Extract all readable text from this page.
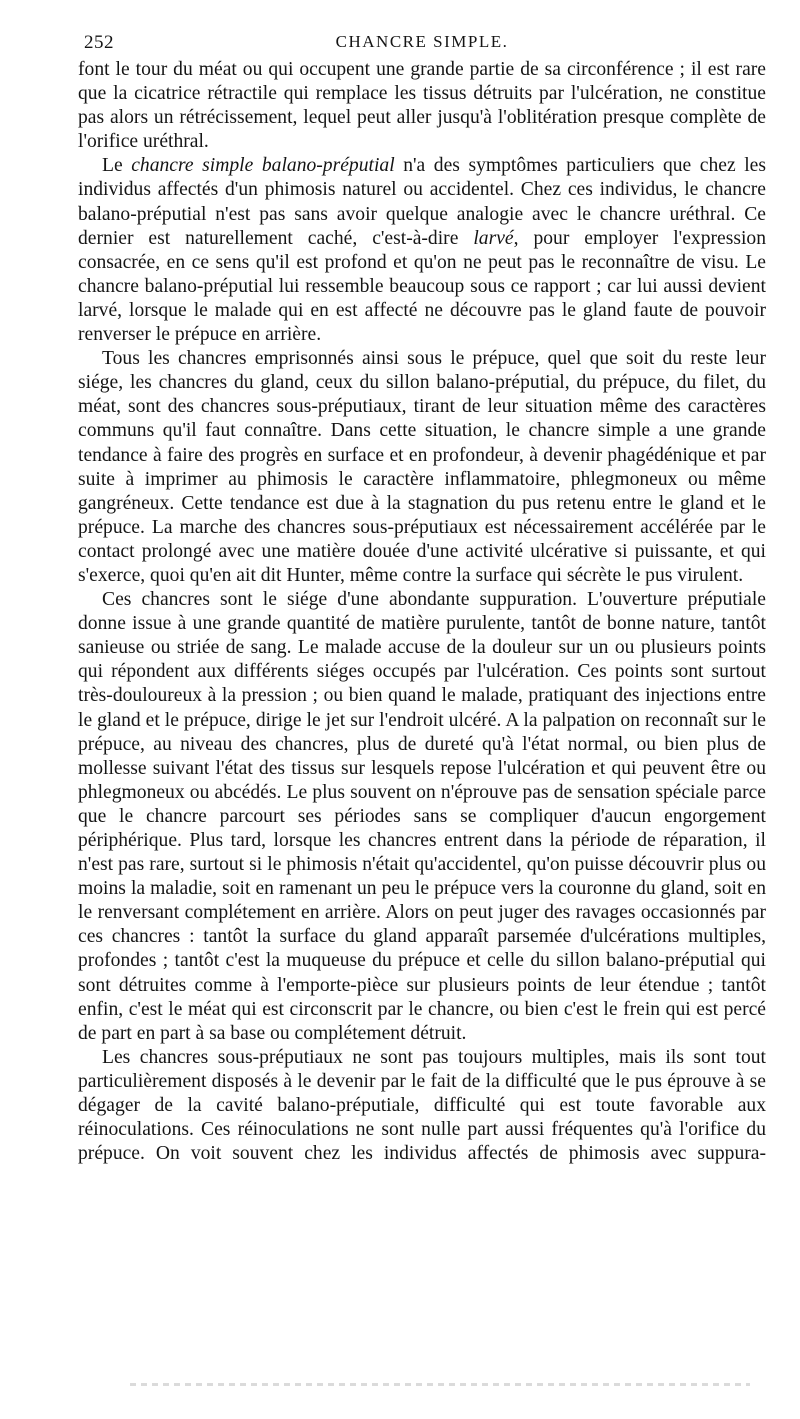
252	CHANCRE SIMPLE.

font le tour du méat ou qui occupent une grande partie de sa circonférence ; il est rare que la cicatrice rétractile qui remplace les tissus détruits par l'ulcération, ne constitue pas alors un rétrécissement, lequel peut aller jusqu'à l'oblitération presque complète de l'orifice uréthral.

Le chancre simple balano-préputial n'a des symptômes particuliers que chez les individus affectés d'un phimosis naturel ou accidentel. Chez ces individus, le chancre balano-préputial n'est pas sans avoir quelque analogie avec le chancre uréthral. Ce dernier est naturellement caché, c'est-à-dire larvé, pour employer l'expression consacrée, en ce sens qu'il est profond et qu'on ne peut pas le reconnaître de visu. Le chancre balano-préputial lui ressemble beaucoup sous ce rapport ; car lui aussi devient larvé, lorsque le malade qui en est affecté ne découvre pas le gland faute de pouvoir renverser le prépuce en arrière.

Tous les chancres emprisonnés ainsi sous le prépuce, quel que soit du reste leur siége, les chancres du gland, ceux du sillon balano-préputial, du prépuce, du filet, du méat, sont des chancres sous-préputiaux, tirant de leur situation même des caractères communs qu'il faut connaître. Dans cette situation, le chancre simple a une grande tendance à faire des progrès en surface et en profondeur, à devenir phagédénique et par suite à imprimer au phimosis le caractère inflammatoire, phlegmoneux ou même gangréneux. Cette tendance est due à la stagnation du pus retenu entre le gland et le prépuce. La marche des chancres sous-préputiaux est nécessairement accélérée par le contact prolongé avec une matière douée d'une activité ulcérative si puissante, et qui s'exerce, quoi qu'en ait dit Hunter, même contre la surface qui sécrète le pus virulent.

Ces chancres sont le siége d'une abondante suppuration. L'ouverture préputiale donne issue à une grande quantité de matière purulente, tantôt de bonne nature, tantôt sanieuse ou striée de sang. Le malade accuse de la douleur sur un ou plusieurs points qui répondent aux différents siéges occupés par l'ulcération. Ces points sont surtout très-douloureux à la pression ; ou bien quand le malade, pratiquant des injections entre le gland et le prépuce, dirige le jet sur l'endroit ulcéré. A la palpation on reconnaît sur le prépuce, au niveau des chancres, plus de dureté qu'à l'état normal, ou bien plus de mollesse suivant l'état des tissus sur lesquels repose l'ulcération et qui peuvent être ou phlegmoneux ou abcédés. Le plus souvent on n'éprouve pas de sensation spéciale parce que le chancre parcourt ses périodes sans se compliquer d'aucun engorgement périphérique. Plus tard, lorsque les chancres entrent dans la période de réparation, il n'est pas rare, surtout si le phimosis n'était qu'accidentel, qu'on puisse découvrir plus ou moins la maladie, soit en ramenant un peu le prépuce vers la couronne du gland, soit en le renversant complétement en arrière. Alors on peut juger des ravages occasionnés par ces chancres : tantôt la surface du gland apparaît parsemée d'ulcérations multiples, profondes ; tantôt c'est la muqueuse du prépuce et celle du sillon balano-préputial qui sont détruites comme à l'emporte-pièce sur plusieurs points de leur étendue ; tantôt enfin, c'est le méat qui est circonscrit par le chancre, ou bien c'est le frein qui est percé de part en part à sa base ou complétement détruit.

Les chancres sous-préputiaux ne sont pas toujours multiples, mais ils sont tout particulièrement disposés à le devenir par le fait de la difficulté que le pus éprouve à se dégager de la cavité balano-préputiale, difficulté qui est toute favorable aux réinoculations. Ces réinoculations ne sont nulle part aussi fréquentes qu'à l'orifice du prépuce. On voit souvent chez les individus affectés de phimosis avec suppura-
